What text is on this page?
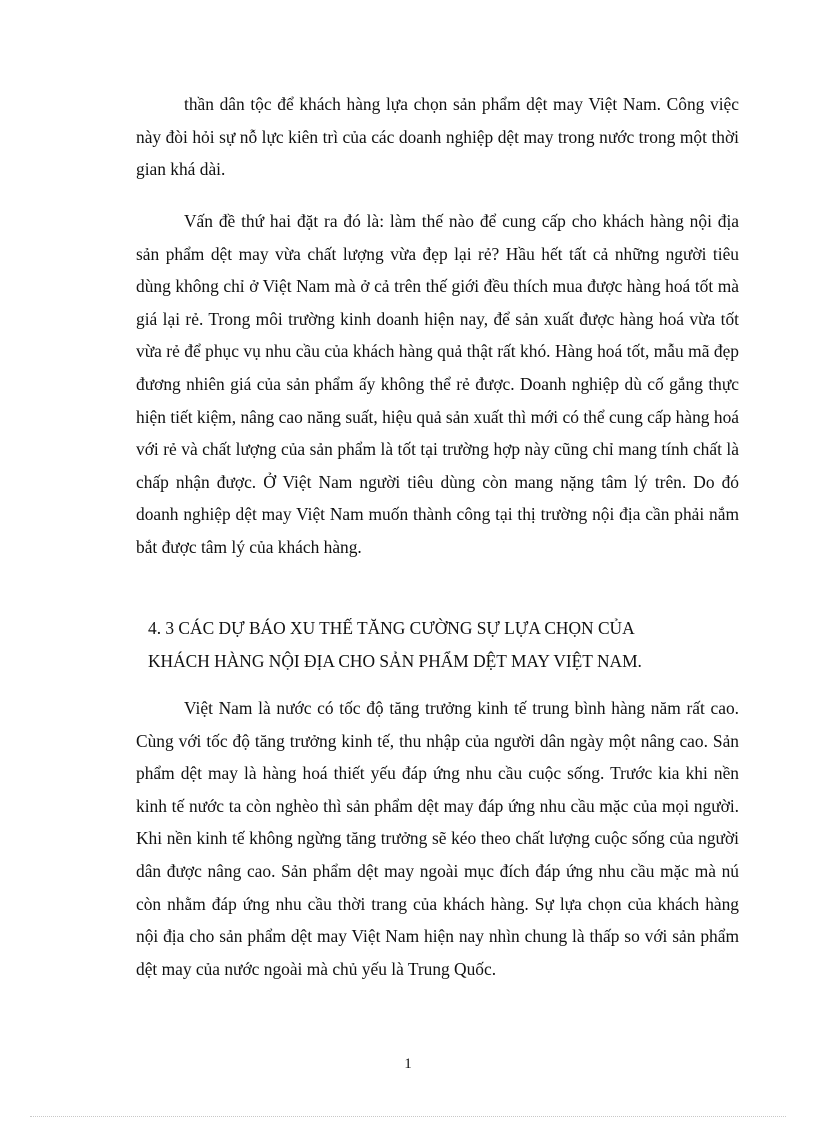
thần dân tộc để khách hàng lựa chọn sản phẩm dệt may Việt Nam. Công việc này đòi hỏi sự nỗ lực kiên trì của các doanh nghiệp dệt may trong nước trong một thời gian khá dài.

Vấn đề thứ hai đặt ra đó là: làm thế nào để cung cấp cho khách hàng nội địa sản phẩm dệt may vừa chất lượng vừa đẹp lại rẻ? Hầu hết tất cả những người tiêu dùng không chỉ ở Việt Nam mà ở cả trên thế giới đều thích mua được hàng hoá tốt mà giá lại rẻ. Trong môi trường kinh doanh hiện nay, để sản xuất được hàng hoá vừa tốt vừa rẻ để phục vụ nhu cầu của khách hàng quả thật rất khó. Hàng hoá tốt, mẫu mã đẹp đương nhiên giá của sản phẩm ấy không thể rẻ được. Doanh nghiệp dù cố gắng thực hiện tiết kiệm, nâng cao năng suất, hiệu quả sản xuất thì mới có thể cung cấp hàng hoá với rẻ và chất lượng của sản phẩm là tốt tại trường hợp này cũng chỉ mang tính chất là chấp nhận được. Ở Việt Nam người tiêu dùng còn mang nặng tâm lý trên. Do đó doanh nghiệp dệt may Việt Nam muốn thành công tại thị trường nội địa cần phải nắm bắt được tâm lý của khách hàng.

4. 3 CÁC DỰ BÁO XU THẾ TĂNG CƯỜNG SỰ LỰA CHỌN CỦA
KHÁCH HÀNG NỘI ĐỊA CHO SẢN PHẨM DỆT MAY VIỆT NAM.

Việt Nam là nước có tốc độ tăng trưởng kinh tế trung bình hàng năm rất cao. Cùng với tốc độ tăng trưởng kinh tế, thu nhập của người dân ngày một nâng cao. Sản phẩm dệt may là hàng hoá thiết yếu đáp ứng nhu cầu cuộc sống. Trước kia khi nền kinh tế nước ta còn nghèo thì sản phẩm dệt may đáp ứng nhu cầu mặc của mọi người. Khi nền kinh tế không ngừng tăng trưởng sẽ kéo theo chất lượng cuộc sống của người dân được nâng cao. Sản phẩm dệt may ngoài mục đích đáp ứng nhu cầu mặc mà nú còn nhằm đáp ứng nhu cầu thời trang của khách hàng. Sự lựa chọn của khách hàng nội địa cho sản phẩm dệt may Việt Nam hiện nay nhìn chung là thấp so với sản phẩm dệt may của nước ngoài mà chủ yếu là Trung Quốc.

1
